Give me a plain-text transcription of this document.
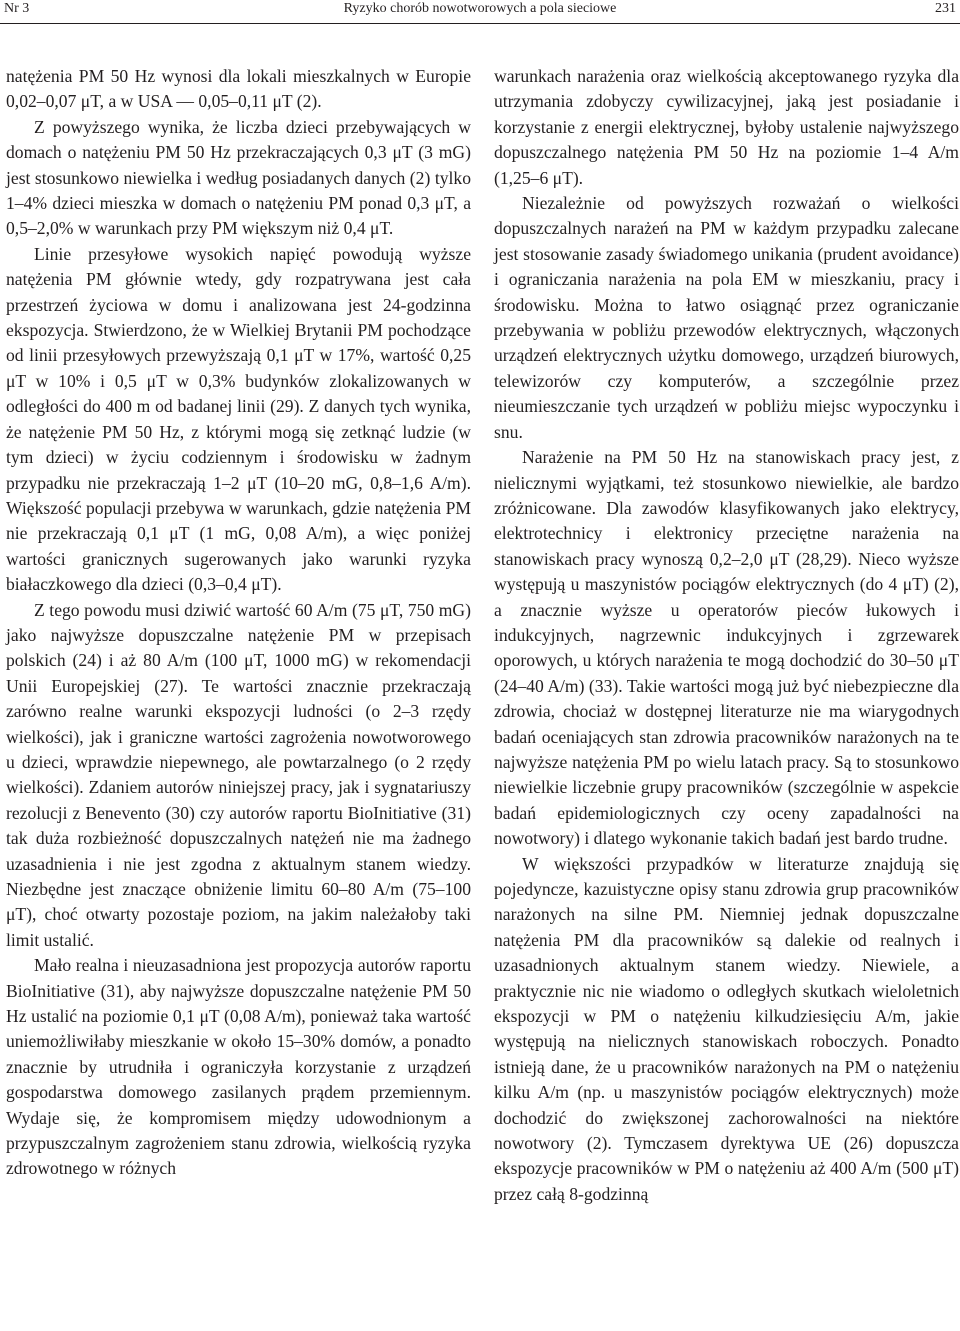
Nr 3	Ryzyko chorób nowotworowych a pola sieciowe	231

natężenia PM 50 Hz wynosi dla lokali mieszkalnych w Europie 0,02–0,07 μT, a w USA — 0,05–0,11 μT (2).

Z powyższego wynika, że liczba dzieci przebywających w domach o natężeniu PM 50 Hz przekraczających 0,3 μT (3 mG) jest stosunkowo niewielka i według posiadanych danych (2) tylko 1–4% dzieci mieszka w domach o natężeniu PM ponad 0,3 μT, a 0,5–2,0% w warunkach przy PM większym niż 0,4 μT.

Linie przesyłowe wysokich napięć powodują wyższe natężenia PM głównie wtedy, gdy rozpatrywana jest cała przestrzeń życiowa w domu i analizowana jest 24-godzinna ekspozycja. Stwierdzono, że w Wielkiej Brytanii PM pochodzące od linii przesyłowych przewyższają 0,1 μT w 17%, wartość 0,25 μT w 10% i 0,5 μT w 0,3% budynków zlokalizowanych w odległości do 400 m od badanej linii (29). Z danych tych wynika, że natężenie PM 50 Hz, z którymi mogą się zetknąć ludzie (w tym dzieci) w życiu codziennym i środowisku w żadnym przypadku nie przekraczają 1–2 μT (10–20 mG, 0,8–1,6 A/m). Większość populacji przebywa w warunkach, gdzie natężenia PM nie przekraczają 0,1 μT (1 mG, 0,08 A/m), a więc poniżej wartości granicznych sugerowanych jako warunki ryzyka białaczkowego dla dzieci (0,3–0,4 μT).

Z tego powodu musi dziwić wartość 60 A/m (75 μT, 750 mG) jako najwyższe dopuszczalne natężenie PM w przepisach polskich (24) i aż 80 A/m (100 μT, 1000 mG) w rekomendacji Unii Europejskiej (27). Te wartości znacznie przekraczają zarówno realne warunki ekspozycji ludności (o 2–3 rzędy wielkości), jak i graniczne wartości zagrożenia nowotworowego u dzieci, wprawdzie niepewnego, ale powtarzalnego (o 2 rzędy wielkości). Zdaniem autorów niniejszej pracy, jak i sygnatariuszy rezolucji z Benevento (30) czy autorów raportu BioInitiative (31) tak duża rozbieżność dopuszczalnych natężeń nie ma żadnego uzasadnienia i nie jest zgodna z aktualnym stanem wiedzy. Niezbędne jest znaczące obniżenie limitu 60–80 A/m (75–100 μT), choć otwarty pozostaje poziom, na jakim należałoby taki limit ustalić.

Mało realna i nieuzasadniona jest propozycja autorów raportu BioInitiative (31), aby najwyższe dopuszczalne natężenie PM 50 Hz ustalić na poziomie 0,1 μT (0,08 A/m), ponieważ taka wartość uniemożliwiłaby mieszkanie w około 15–30% domów, a ponadto znacznie by utrudniła i ograniczyła korzystanie z urządzeń gospodarstwa domowego zasilanych prądem przemiennym. Wydaje się, że kompromisem między udowodnionym a przypuszczalnym zagrożeniem stanu zdrowia, wielkością ryzyka zdrowotnego w różnych

warunkach narażenia oraz wielkością akceptowanego ryzyka dla utrzymania zdobyczy cywilizacyjnej, jaką jest posiadanie i korzystanie z energii elektrycznej, byłoby ustalenie najwyższego dopuszczalnego natężenia PM 50 Hz na poziomie 1–4 A/m (1,25–6 μT).

Niezależnie od powyższych rozważań o wielkości dopuszczalnych narażeń na PM w każdym przypadku zalecane jest stosowanie zasady świadomego unikania (prudent avoidance) i ograniczania narażenia na pola EM w mieszkaniu, pracy i środowisku. Można to łatwo osiągnąć przez ograniczanie przebywania w pobliżu przewodów elektrycznych, włączonych urządzeń elektrycznych użytku domowego, urządzeń biurowych, telewizorów czy komputerów, a szczególnie przez nieumieszczanie tych urządzeń w pobliżu miejsc wypoczynku i snu.

Narażenie na PM 50 Hz na stanowiskach pracy jest, z nielicznymi wyjątkami, też stosunkowo niewielkie, ale bardzo zróżnicowane. Dla zawodów klasyfikowanych jako elektrycy, elektrotechnicy i elektronicy przeciętne narażenia na stanowiskach pracy wynoszą 0,2–2,0 μT (28,29). Nieco wyższe występują u maszynistów pociągów elektrycznych (do 4 μT) (2), a znacznie wyższe u operatorów pieców łukowych i indukcyjnych, nagrzewnic indukcyjnych i zgrzewarek oporowych, u których narażenia te mogą dochodzić do 30–50 μT (24–40 A/m) (33). Takie wartości mogą już być niebezpieczne dla zdrowia, chociaż w dostępnej literaturze nie ma wiarygodnych badań oceniających stan zdrowia pracowników narażonych na te najwyższe natężenia PM po wielu latach pracy. Są to stosunkowo niewielkie liczebnie grupy pracowników (szczególnie w aspekcie badań epidemiologicznych czy oceny zapadalności na nowotwory) i dlatego wykonanie takich badań jest bardo trudne.

W większości przypadków w literaturze znajdują się pojedyncze, kazuistyczne opisy stanu zdrowia grup pracowników narażonych na silne PM. Niemniej jednak dopuszczalne natężenia PM dla pracowników są dalekie od realnych i uzasadnionych aktualnym stanem wiedzy. Niewiele, a praktycznie nic nie wiadomo o odległych skutkach wieloletnich ekspozycji w PM o natężeniu kilkudziesięciu A/m, jakie występują na nielicznych stanowiskach roboczych. Ponadto istnieją dane, że u pracowników narażonych na PM o natężeniu kilku A/m (np. u maszynistów pociągów elektrycznych) może dochodzić do zwiększonej zachorowalności na niektóre nowotwory (2). Tymczasem dyrektywa UE (26) dopuszcza ekspozycje pracowników w PM o natężeniu aż 400 A/m (500 μT) przez całą 8-godzinną
